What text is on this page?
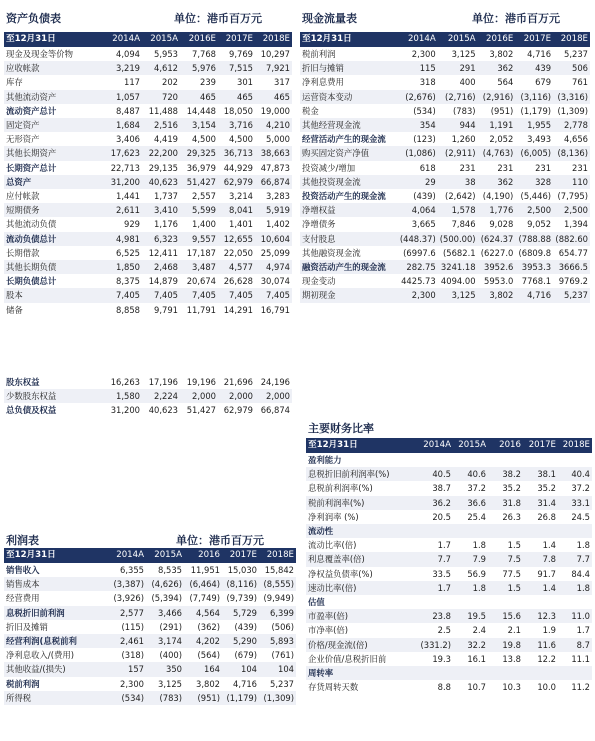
资产负债表	单位：港币百万元
至12月31日	2014A	2015A	2016E	2017E	2018E
现金及现金等价物	4,094	5,953	7,768	9,769	10,297
应收帐款	3,219	4,612	5,976	7,515	7,921
库存	117	202	239	301	317
其他流动资产	1,057	720	465	465	465
流动资产总计	8,487	11,488	14,448	18,050	19,000
固定资产	1,684	2,516	3,154	3,716	4,210
无形资产	3,406	4,419	4,500	4,500	5,000
其他长期资产	17,623	22,200	29,325	36,713	38,663
长期资产总计	22,713	29,135	36,979	44,929	47,873
总资产	31,200	40,623	51,427	62,979	66,874
应付帐款	1,441	1,737	2,557	3,214	3,283
短期债务	2,611	3,410	5,599	8,041	5,919
其他流动负债	929	1,176	1,400	1,401	1,402
流动负债总计	4,981	6,323	9,557	12,655	10,604
长期借款	6,525	12,411	17,187	22,050	25,099
其他长期负债	1,850	2,468	3,487	4,577	4,974
长期负债总计	8,375	14,879	20,674	26,628	30,074
股本	7,405	7,405	7,405	7,405	7,405
储备	8,858	9,791	11,791	14,291	16,791
股东权益	16,263	17,196	19,196	21,696	24,196
少数股东权益	1,580	2,224	2,000	2,000	2,000
总负债及权益	31,200	40,623	51,427	62,979	66,874
现金流量表	单位：港币百万元
至12月31日	2014A	2015A	2016E	2017E	2018E
税前利润	2,300	3,125	3,802	4,716	5,237
折旧与摊销	115	291	362	439	506
净利息费用	318	400	564	679	761
运营资本变动	(2,676)	(2,716)	(2,916)	(3,116)	(3,316)
税金	(534)	(783)	(951)	(1,179)	(1,309)
其他经营现金流	354	944	1,191	1,955	2,778
经营活动产生的现金流	(123)	1,260	2,052	3,493	4,656
购买固定资产净值	(1,086)	(2,911)	(4,763)	(6,005)	(8,136)
投资减少/增加	618	231	231	231	231
其他投资现金流	29	38	362	328	110
投资活动产生的现金流	(439)	(2,642)	(4,190)	(5,446)	(7,795)
净增权益	4,064	1,578	1,776	2,500	2,500
净增债务	3,665	7,846	9,028	9,052	1,394
支付股息	(448.37)	(500.00)	(624.37	(788.88	(882.60
其他融资现金流	(6997.6	(5682.1	(6227.0	(6809.8	654.77
融资活动产生的现金流	282.75	3241.18	3952.6	3953.3	3666.5
现金变动	4425.73	4094.00	5953.0	7768.1	9769.2
期初现金	2,300	3,125	3,802	4,716	5,237
利润表	单位：港币百万元
至12月31日	2014A	2015A	2016	2017E	2018E
销售收入	6,355	8,535	11,951	15,030	15,842
销售成本	(3,387)	(4,626)	(6,464)	(8,116)	(8,555)
经营费用	(3,926)	(5,394)	(7,749)	(9,739)	(9,949)
息税折旧前利润	2,577	3,466	4,564	5,729	6,399
折旧及摊销	(115)	(291)	(362)	(439)	(506)
经营利润(息税前利	2,461	3,174	4,202	5,290	5,893
净利息收入/(费用)	(318)	(400)	(564)	(679)	(761)
其他收益/(损失)	157	350	164	104	104
税前利润	2,300	3,125	3,802	4,716	5,237
所得税	(534)	(783)	(951)	(1,179)	(1,309)
主要财务比率
至12月31日	2014A	2015A	2016	2017E	2018E
盈利能力					
息税折旧前利润率(%)	40.5	40.6	38.2	38.1	40.4
息税前利润率(%)	38.7	37.2	35.2	35.2	37.2
税前利润率(%)	36.2	36.6	31.8	31.4	33.1
净利润率 (%)	20.5	25.4	26.3	26.8	24.5
流动性					
流动比率(倍)	1.7	1.8	1.5	1.4	1.8
利息覆盖率(倍)	7.7	7.9	7.5	7.8	7.7
净权益负债率(%)	33.5	56.9	77.5	91.7	84.4
速动比率(倍)	1.7	1.8	1.5	1.4	1.8
估值					
市盈率(倍)	23.8	19.5	15.6	12.3	11.0
市净率(倍)	2.5	2.4	2.1	1.9	1.7
价格/现金流(倍)	(331.2)	32.2	19.8	11.6	8.7
企业价值/息税折旧前	19.3	16.1	13.8	12.2	11.1
周转率					
存货周转天数	8.8	10.7	10.3	10.0	11.2
